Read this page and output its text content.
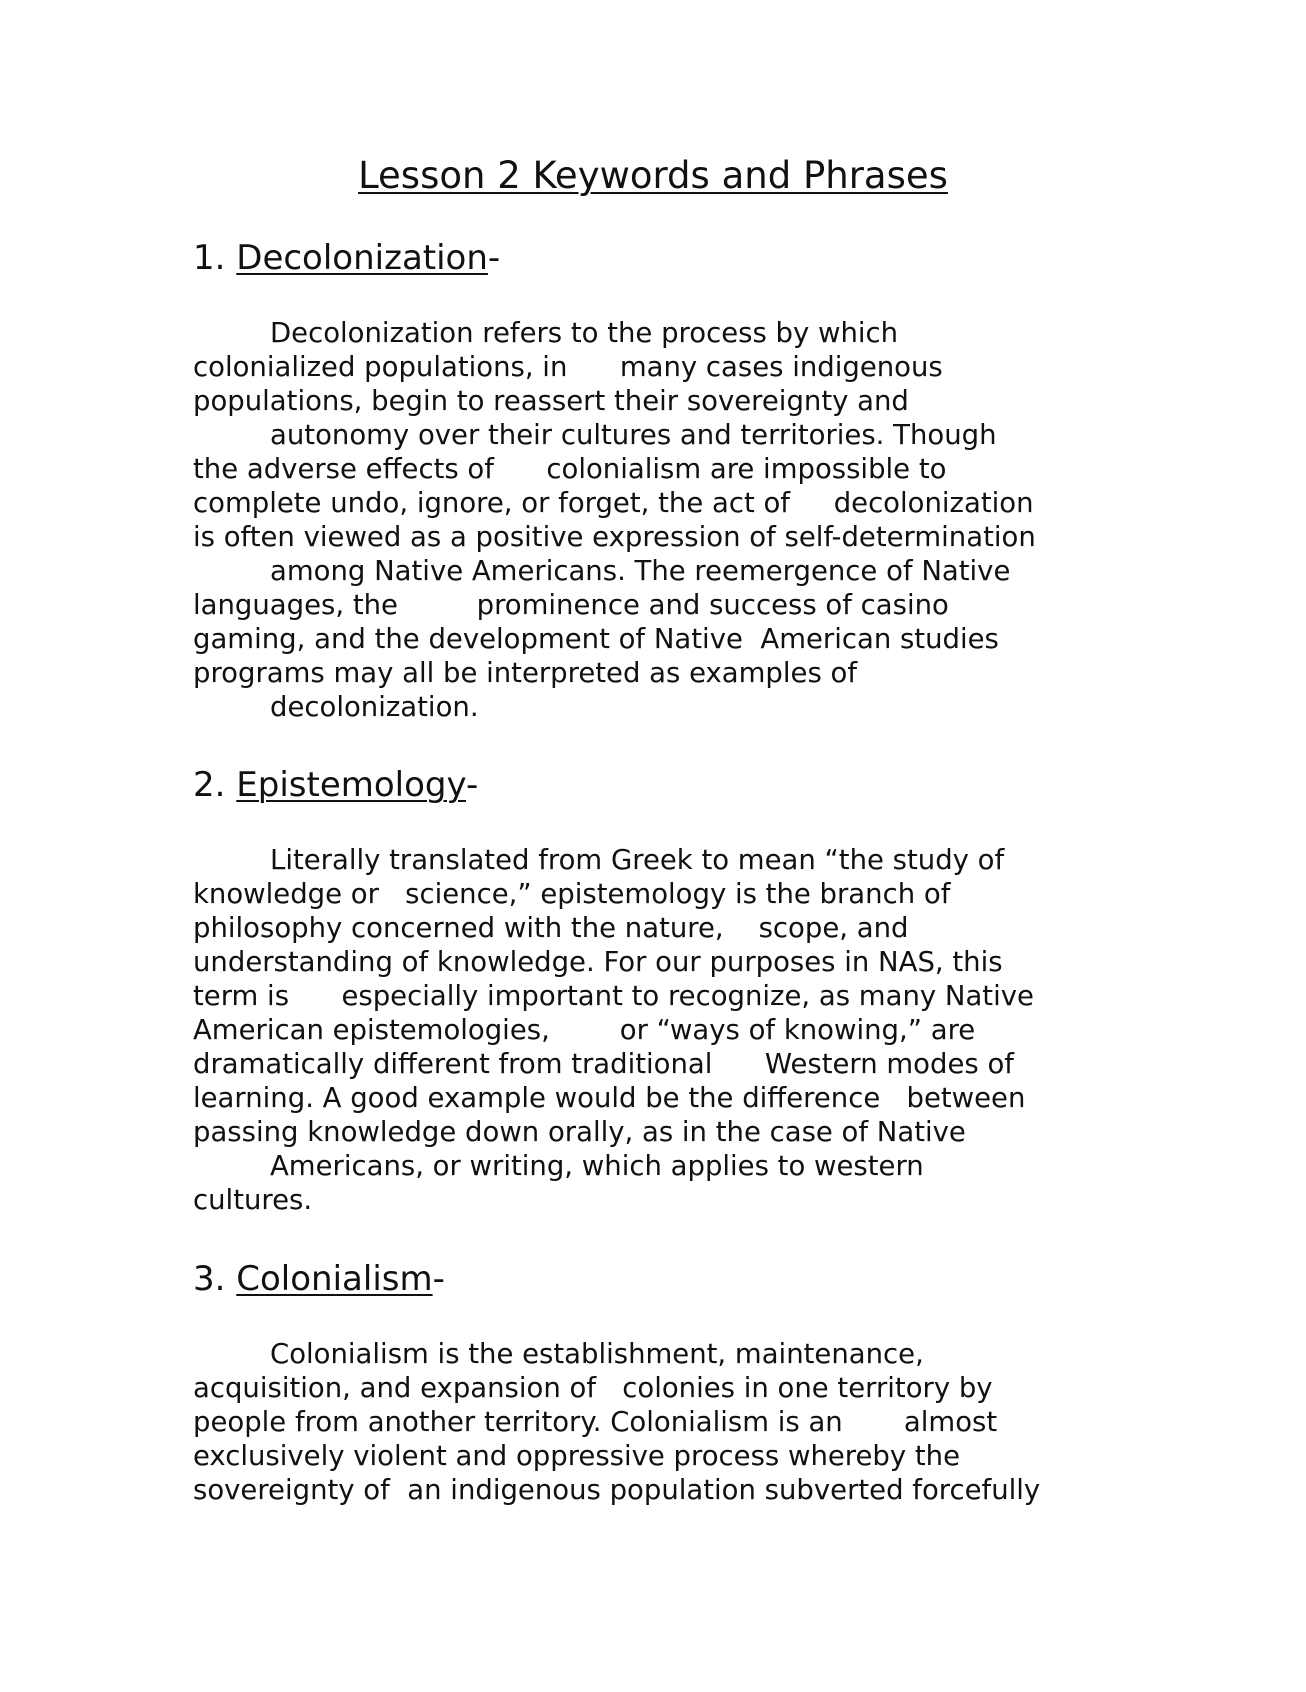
Lesson 2 Keywords and Phrases
1. Decolonization-
Decolonization refers to the process by which
colonialized populations, in      many cases indigenous
populations, begin to reassert their sovereignty and
autonomy over their cultures and territories. Though
the adverse effects of      colonialism are impossible to
complete undo, ignore, or forget, the act of     decolonization
is often viewed as a positive expression of self-determination
among Native Americans. The reemergence of Native
languages, the         prominence and success of casino
gaming, and the development of Native  American studies
programs may all be interpreted as examples of
decolonization.
2. Epistemology-
Literally translated from Greek to mean “the study of
knowledge or   science,” epistemology is the branch of
philosophy concerned with the nature,    scope, and
understanding of knowledge. For our purposes in NAS, this
term is      especially important to recognize, as many Native
American epistemologies,        or “ways of knowing,” are
dramatically different from traditional      Western modes of
learning. A good example would be the difference   between
passing knowledge down orally, as in the case of Native
Americans, or writing, which applies to western
cultures.
3. Colonialism-
Colonialism is the establishment, maintenance,
acquisition, and expansion of   colonies in one territory by
people from another territory. Colonialism is an       almost
exclusively violent and oppressive process whereby the
sovereignty of  an indigenous population subverted forcefully
